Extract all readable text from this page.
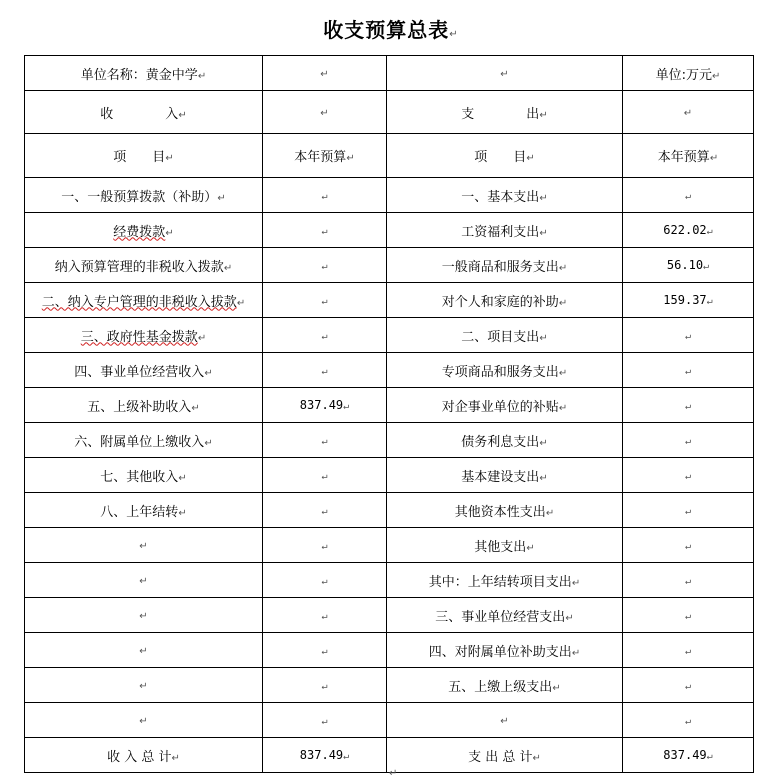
收支预算总表↵
单位名称：黄金中学↵	↵	↵	单位:万元↵
收　　　　入↵	↵	支　　　　出↵	↵
项　　目↵	本年预算↵	项　　目↵	本年预算↵
一、一般预算拨款（补助）↵	↵	一、基本支出↵	↵
经费拨款↵	↵	工资福利支出↵	622.02↵
纳入预算管理的非税收入拨款↵	↵	一般商品和服务支出↵	56.10↵
二、纳入专户管理的非税收入拔款↵	↵	对个人和家庭的补助↵	159.37↵
三、政府性基金拨款↵	↵	二、项目支出↵	↵
四、事业单位经营收入↵	↵	专项商品和服务支出↵	↵
五、上级补助收入↵	837.49↵	对企事业单位的补贴↵	↵
六、附属单位上缴收入↵	↵	债务利息支出↵	↵
七、其他收入↵	↵	基本建设支出↵	↵
八、上年结转↵	↵	其他资本性支出↵	↵
↵	↵	其他支出↵	↵
↵	↵	其中：上年结转项目支出↵	↵
↵	↵	三、事业单位经营支出↵	↵
↵	↵	四、对附属单位补助支出↵	↵
↵	↵	五、上缴上级支出↵	↵
↵	↵	↵	↵
收 入 总 计↵	837.49↵	支 出 总 计↵	837.49↵
↵
